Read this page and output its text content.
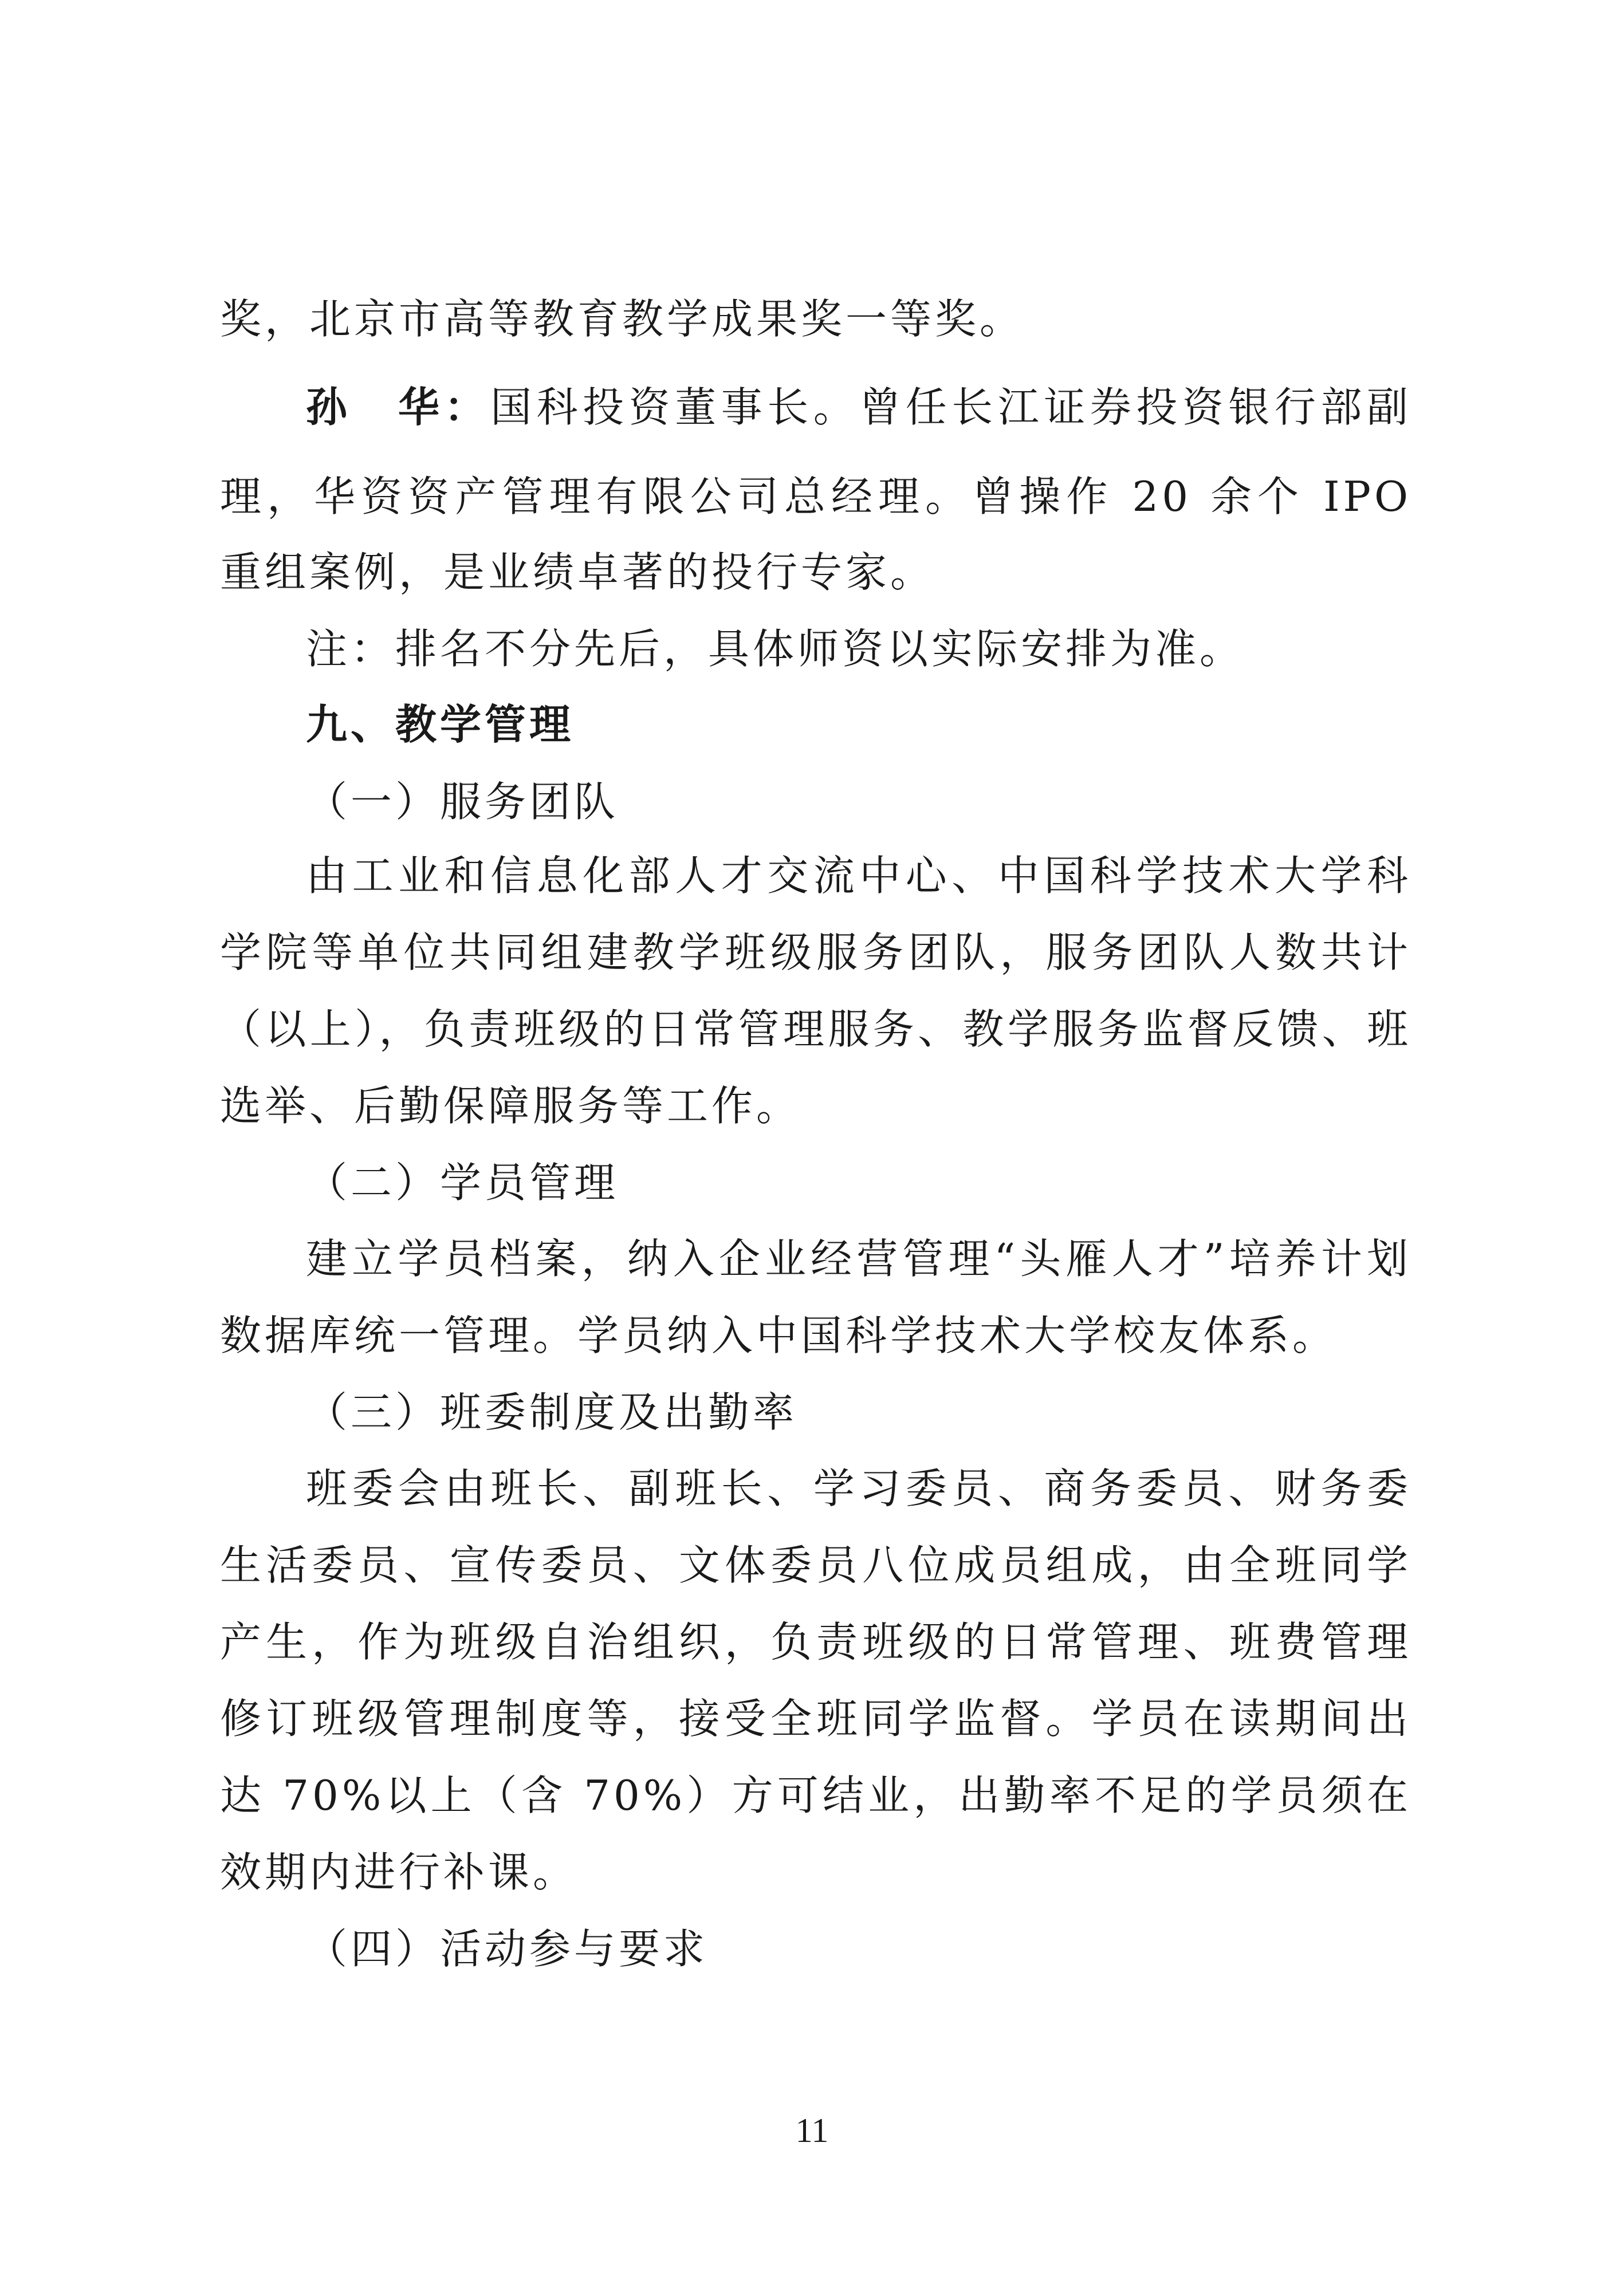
奖，北京市高等教育教学成果奖一等奖。
孙　华：国科投资董事长。曾任长江证券投资银行部副
理，华资资产管理有限公司总经理。曾操作 20 余个 IPO
重组案例，是业绩卓著的投行专家。
注：排名不分先后，具体师资以实际安排为准。
九、教学管理
（一）服务团队
由工业和信息化部人才交流中心、中国科学技术大学科
学院等单位共同组建教学班级服务团队，服务团队人数共计
（以上），负责班级的日常管理服务、教学服务监督反馈、班
选举、后勤保障服务等工作。
（二）学员管理
建立学员档案，纳入企业经营管理“头雁人才”培养计划
数据库统一管理。学员纳入中国科学技术大学校友体系。
（三）班委制度及出勤率
班委会由班长、副班长、学习委员、商务委员、财务委
生活委员、宣传委员、文体委员八位成员组成，由全班同学
产生，作为班级自治组织，负责班级的日常管理、班费管理
修订班级管理制度等，接受全班同学监督。学员在读期间出
达 70%以上（含 70%）方可结业，出勤率不足的学员须在
效期内进行补课。
（四）活动参与要求
11
